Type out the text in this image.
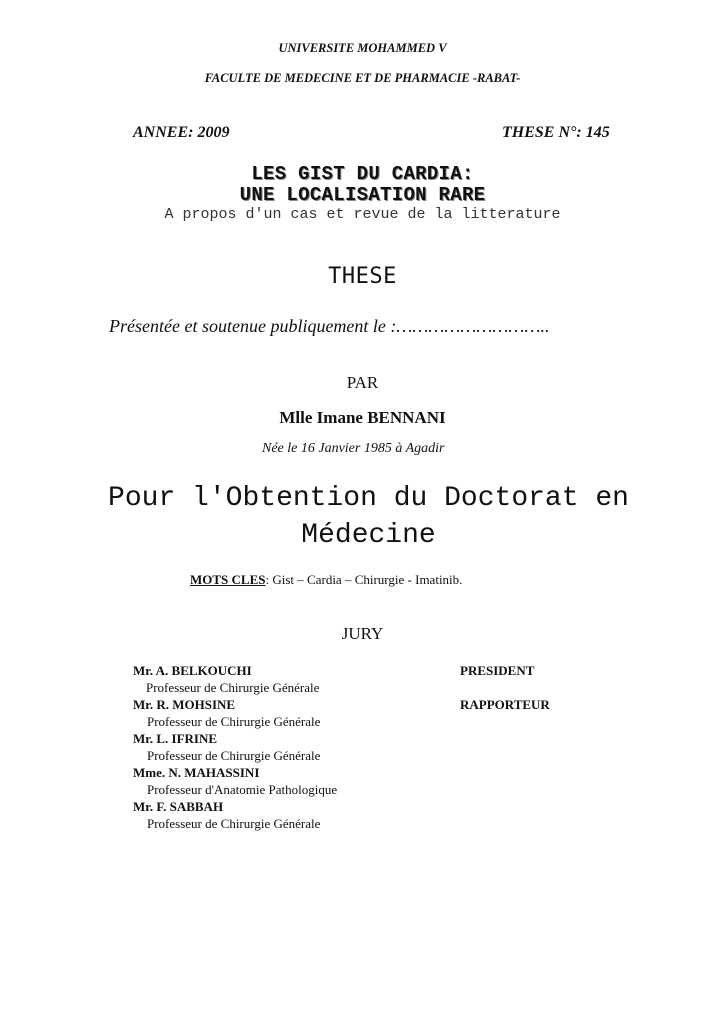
UNIVERSITE MOHAMMED V
FACULTE DE MEDECINE ET DE PHARMACIE -RABAT-
ANNEE: 2009	THESE N°: 145
LES GIST DU CARDIA:
UNE LOCALISATION RARE
A propos d'un cas et revue de la litterature
THESE
Présentée et soutenue publiquement le :………………………..
PAR
Mlle Imane BENNANI
Née le 16 Janvier 1985 à Agadir
Pour l'Obtention du Doctorat en Médecine
MOTS CLES: Gist – Cardia – Chirurgie - Imatinib.
JURY
Mr. A. BELKOUCHI	PRESIDENT
Professeur de Chirurgie Générale
Mr. R. MOHSINE	RAPPORTEUR
Professeur de Chirurgie Générale
Mr. L. IFRINE
Professeur de Chirurgie Générale
Mme. N. MAHASSINI
Professeur d'Anatomie Pathologique
Mr. F. SABBAH
Professeur de Chirurgie Générale
